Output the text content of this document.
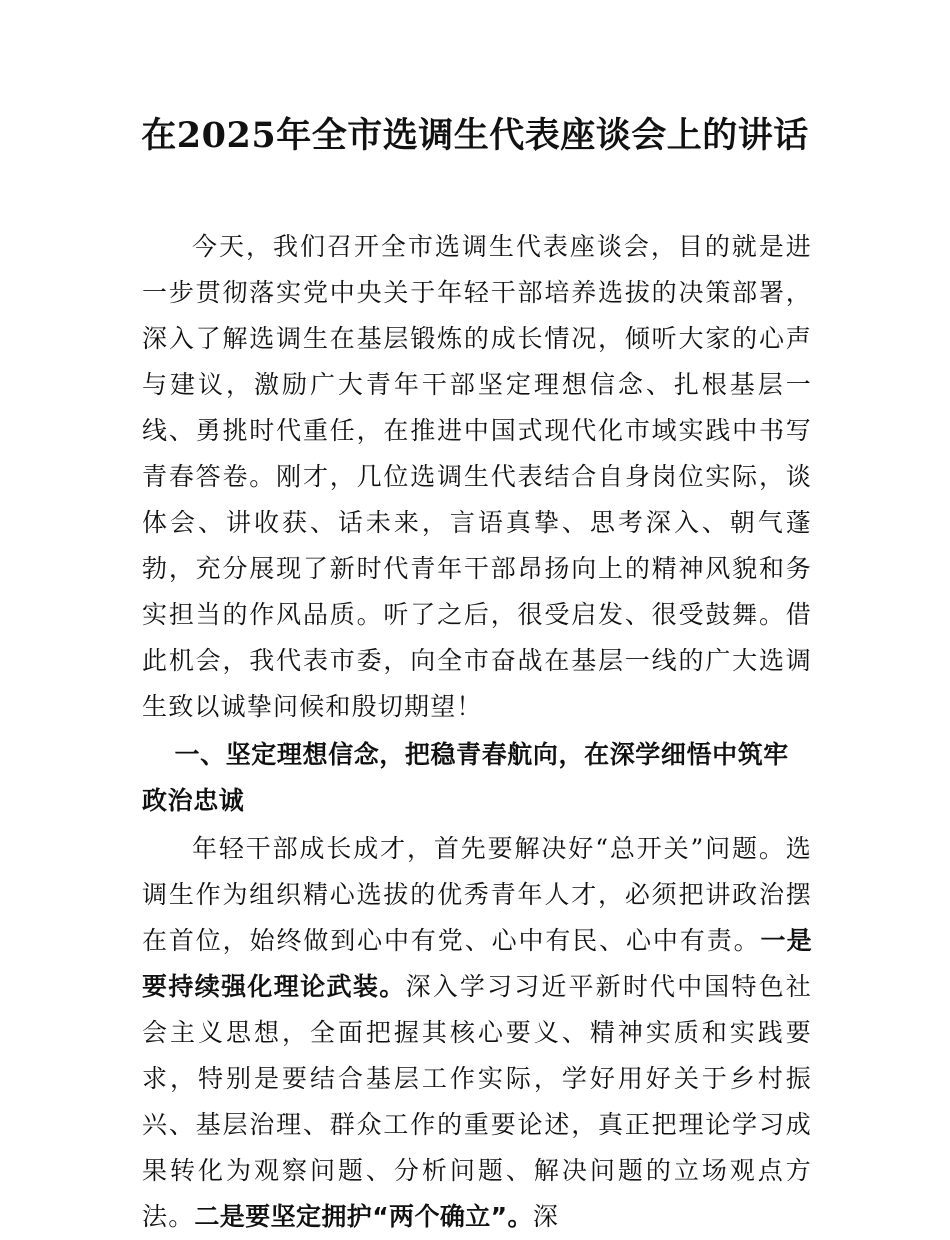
在2025年全市选调生代表座谈会上的讲话

今天，我们召开全市选调生代表座谈会，目的就是进一步贯彻落实党中央关于年轻干部培养选拔的决策部署，深入了解选调生在基层锻炼的成长情况，倾听大家的心声与建议，激励广大青年干部坚定理想信念、扎根基层一线、勇挑时代重任，在推进中国式现代化市域实践中书写青春答卷。刚才，几位选调生代表结合自身岗位实际，谈体会、讲收获、话未来，言语真挚、思考深入、朝气蓬勃，充分展现了新时代青年干部昂扬向上的精神风貌和务实担当的作风品质。听了之后，很受启发、很受鼓舞。借此机会，我代表市委，向全市奋战在基层一线的广大选调生致以诚挚问候和殷切期望！

一、坚定理想信念，把稳青春航向，在深学细悟中筑牢政治忠诚

年轻干部成长成才，首先要解决好“总开关”问题。选调生作为组织精心选拔的优秀青年人才，必须把讲政治摆在首位，始终做到心中有党、心中有民、心中有责。一是要持续强化理论武装。深入学习习近平新时代中国特色社会主义思想，全面把握其核心要义、精神实质和实践要求，特别是要结合基层工作实际，学好用好关于乡村振兴、基层治理、群众工作的重要论述，真正把理论学习成果转化为观察问题、分析问题、解决问题的立场观点方法。二是要坚定拥护“两个确立”。深
